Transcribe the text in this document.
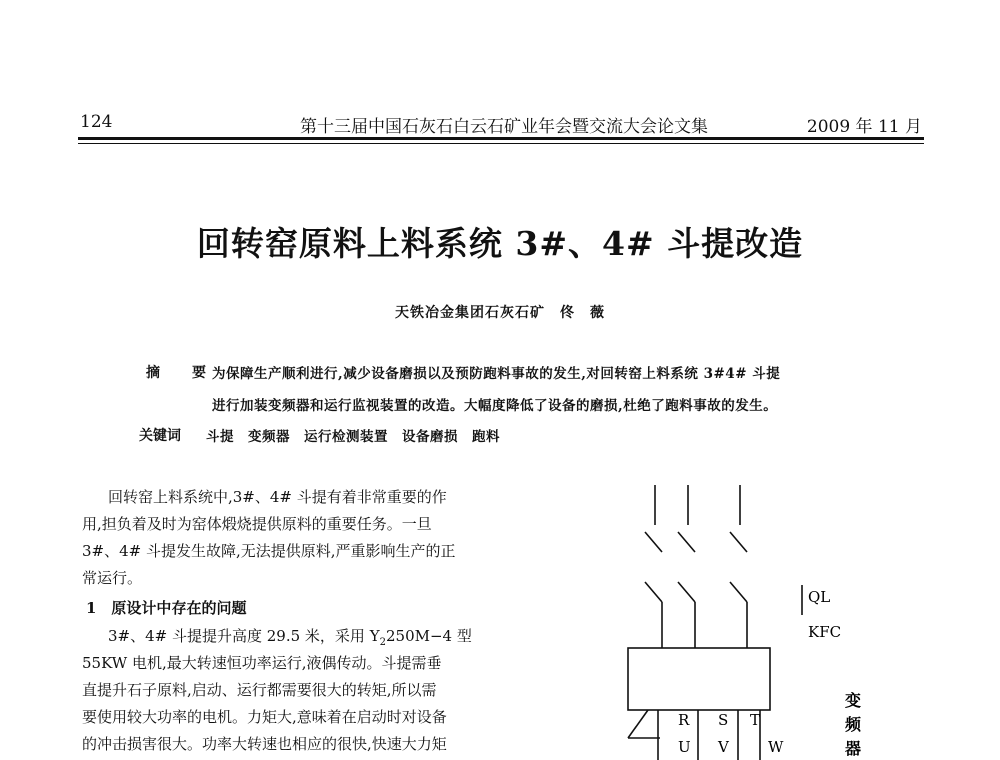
124	第十三届中国石灰石白云石矿业年会暨交流大会论文集	2009 年 11 月
回转窑原料上料系统 3#、4# 斗提改造
天铁冶金集团石灰石矿　佟　薇
摘　要
为保障生产顺利进行,减少设备磨损以及预防跑料事故的发生,对回转窑上料系统 3#4# 斗提
进行加装变频器和运行监视装置的改造。大幅度降低了设备的磨损,杜绝了跑料事故的发生。
关键词 斗提　变频器　运行检测装置　设备磨损　跑料
回转窑上料系统中,3#、4# 斗提有着非常重要的作
用,担负着及时为窑体煅烧提供原料的重要任务。一旦
3#、4# 斗提发生故障,无法提供原料,严重影响生产的正
常运行。
1　原设计中存在的问题
3#、4# 斗提提升高度 29.5 米，采用 $Y_2250M-4$ 型
55KW 电机,最大转速恒功率运行,液偶传动。斗提需垂
直提升石子原料,启动、运行都需要很大的转矩,所以需
要使用较大功率的电机。力矩大,意味着在启动时对设备
的冲击损害很大。功率大转速也相应的很快,快速大力矩
QL
KFC
R S T
U V	W
变
频
器
